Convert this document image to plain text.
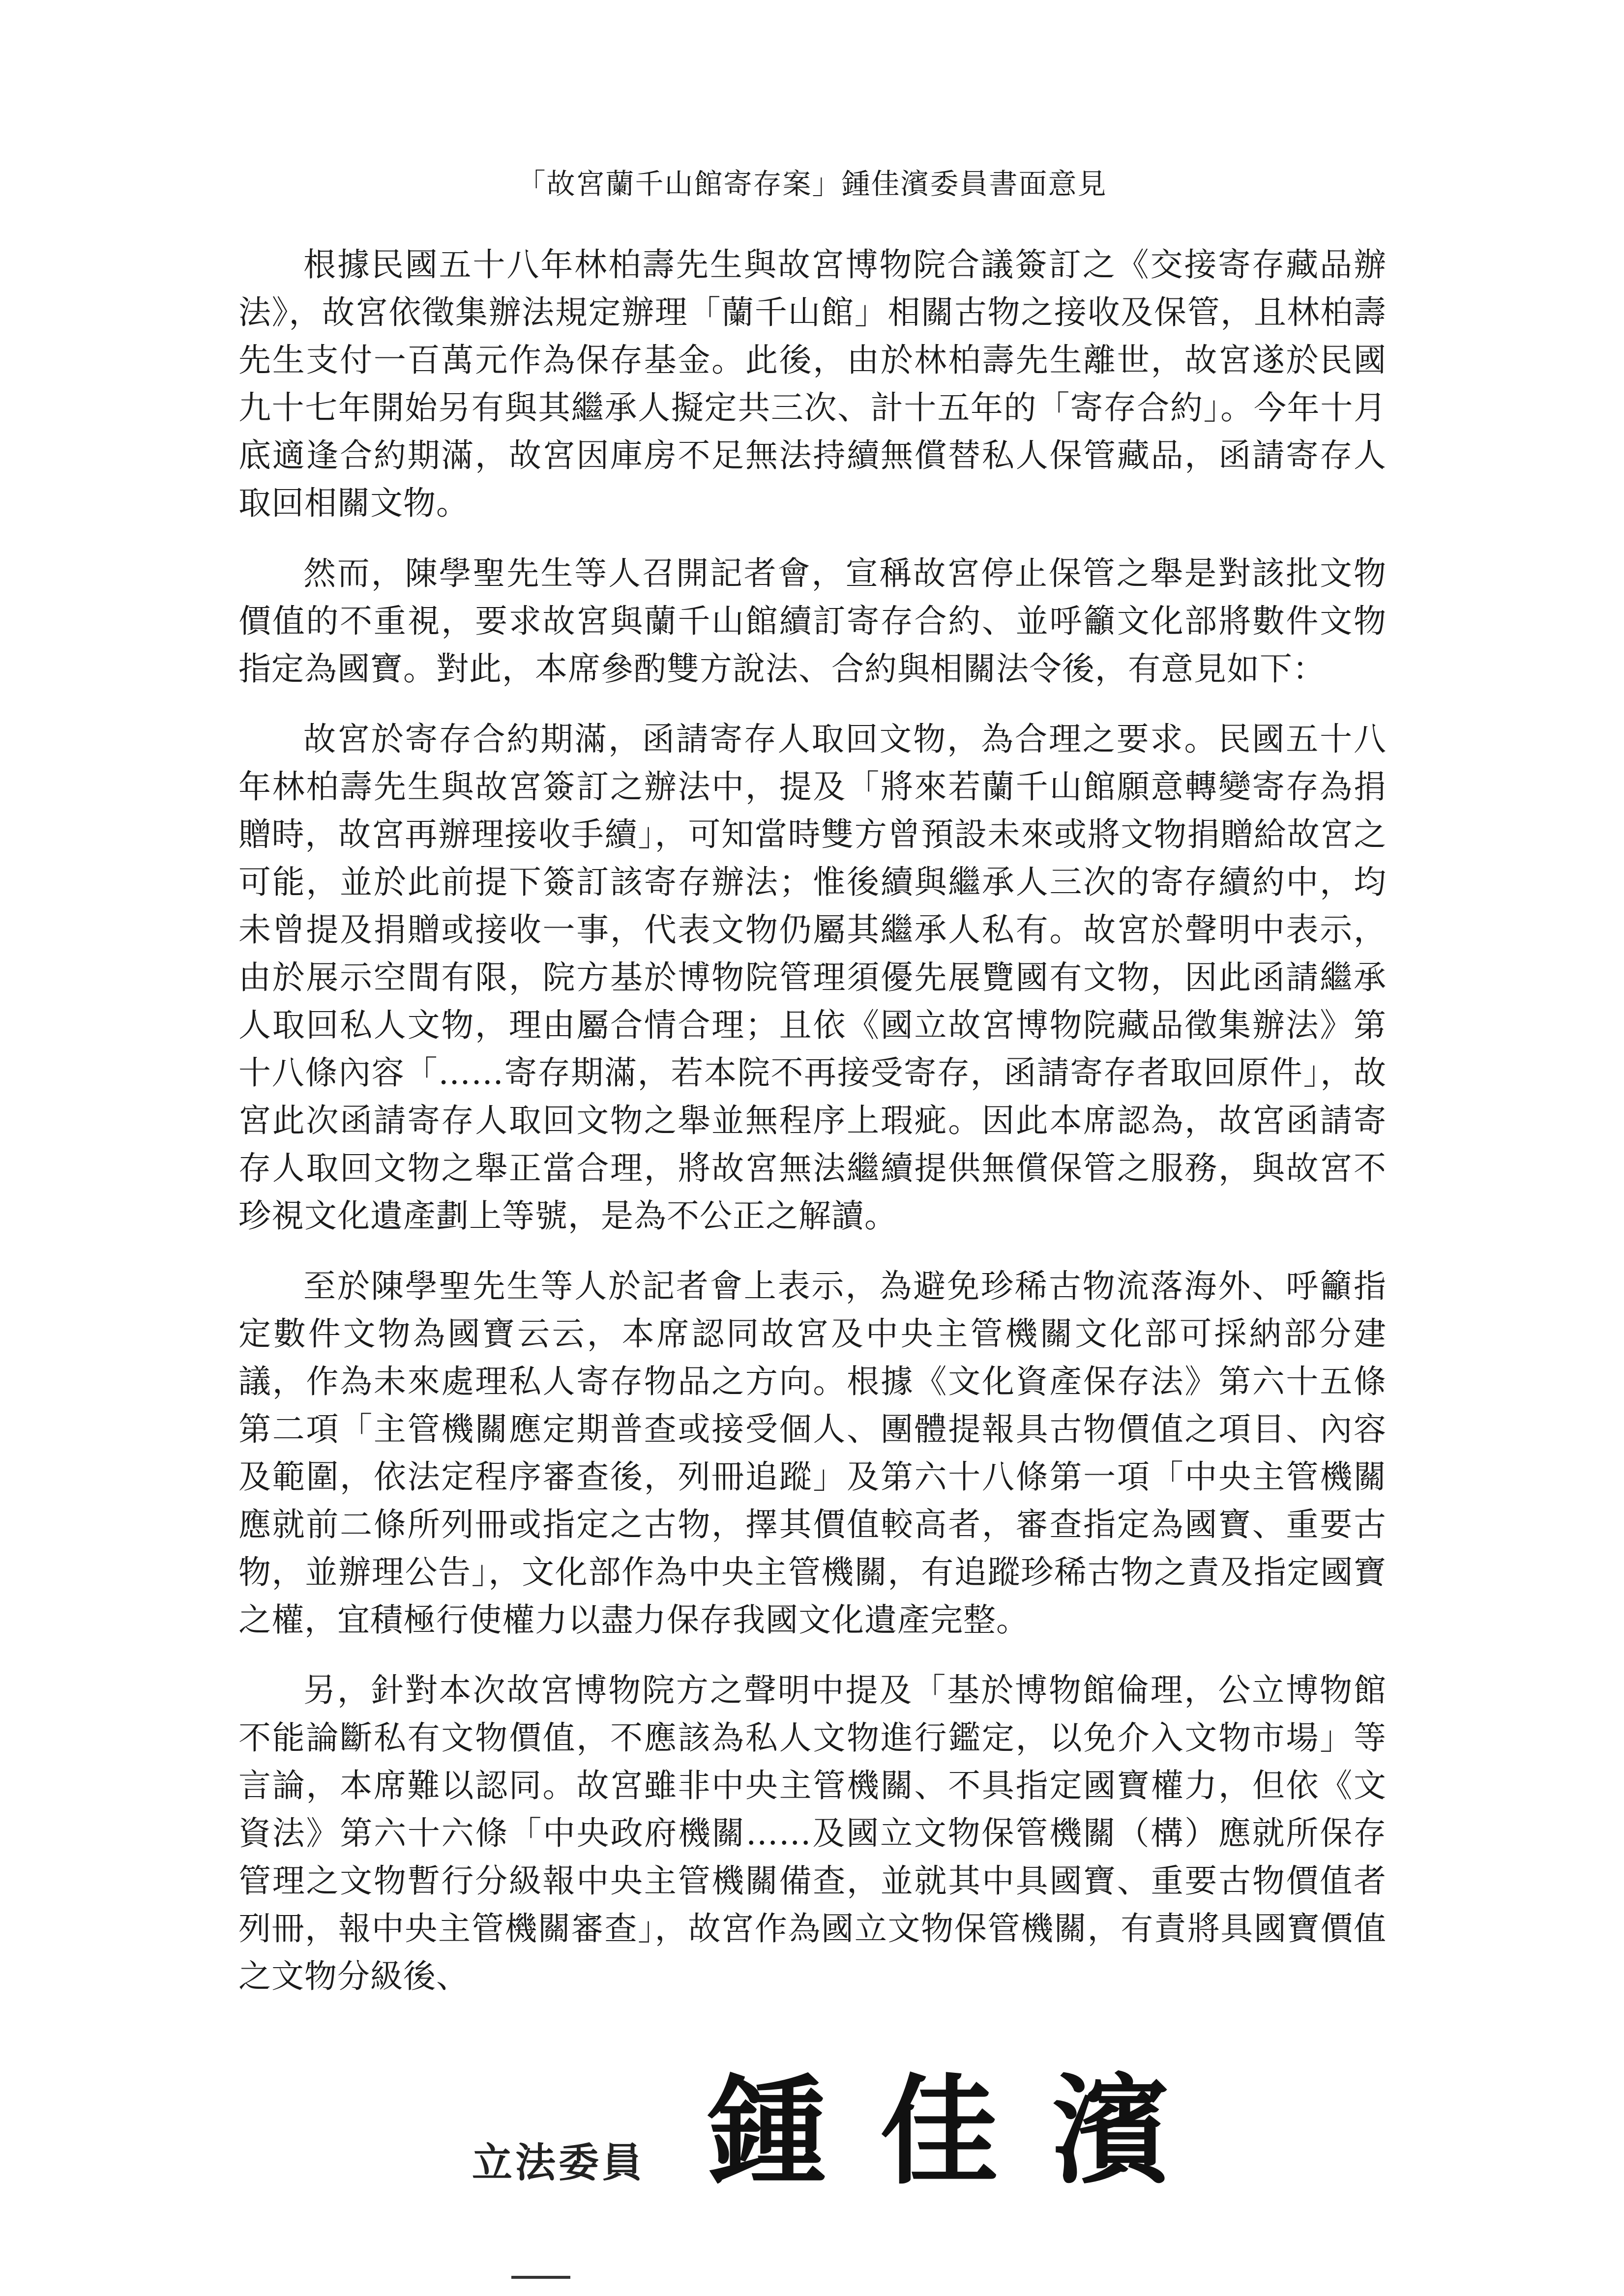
「故宮蘭千山館寄存案」鍾佳濱委員書面意見

根據民國五十八年林柏壽先生與故宮博物院合議簽訂之《交接寄存藏品辦法》，故宮依徵集辦法規定辦理「蘭千山館」相關古物之接收及保管，且林柏壽先生支付一百萬元作為保存基金。此後，由於林柏壽先生離世，故宮遂於民國九十七年開始另有與其繼承人擬定共三次、計十五年的「寄存合約」。今年十月底適逢合約期滿，故宮因庫房不足無法持續無償替私人保管藏品，函請寄存人取回相關文物。

然而，陳學聖先生等人召開記者會，宣稱故宮停止保管之舉是對該批文物價值的不重視，要求故宮與蘭千山館續訂寄存合約、並呼籲文化部將數件文物指定為國寶。對此，本席參酌雙方說法、合約與相關法令後，有意見如下：

故宮於寄存合約期滿，函請寄存人取回文物，為合理之要求。民國五十八年林柏壽先生與故宮簽訂之辦法中，提及「將來若蘭千山館願意轉變寄存為捐贈時，故宮再辦理接收手續」，可知當時雙方曾預設未來或將文物捐贈給故宮之可能，並於此前提下簽訂該寄存辦法；惟後續與繼承人三次的寄存續約中，均未曾提及捐贈或接收一事，代表文物仍屬其繼承人私有。故宮於聲明中表示，由於展示空間有限，院方基於博物院管理須優先展覽國有文物，因此函請繼承人取回私人文物，理由屬合情合理；且依《國立故宮博物院藏品徵集辦法》第十八條內容「……寄存期滿，若本院不再接受寄存，函請寄存者取回原件」，故宮此次函請寄存人取回文物之舉並無程序上瑕疵。因此本席認為，故宮函請寄存人取回文物之舉正當合理，將故宮無法繼續提供無償保管之服務，與故宮不珍視文化遺產劃上等號，是為不公正之解讀。

至於陳學聖先生等人於記者會上表示，為避免珍稀古物流落海外、呼籲指定數件文物為國寶云云，本席認同故宮及中央主管機關文化部可採納部分建議，作為未來處理私人寄存物品之方向。根據《文化資產保存法》第六十五條第二項「主管機關應定期普查或接受個人、團體提報具古物價值之項目、內容及範圍，依法定程序審查後，列冊追蹤」及第六十八條第一項「中央主管機關應就前二條所列冊或指定之古物，擇其價值較高者，審查指定為國寶、重要古物，並辦理公告」，文化部作為中央主管機關，有追蹤珍稀古物之責及指定國寶之權，宜積極行使權力以盡力保存我國文化遺產完整。

另，針對本次故宮博物院方之聲明中提及「基於博物館倫理，公立博物館不能論斷私有文物價值，不應該為私人文物進行鑑定，以免介入文物市場」等言論，本席難以認同。故宮雖非中央主管機關、不具指定國寶權力，但依《文資法》第六十六條「中央政府機關……及國立文物保管機關（構）應就所保存管理之文物暫行分級報中央主管機關備查，並就其中具國寶、重要古物價值者列冊，報中央主管機關審查」，故宮作為國立文物保管機關，有責將具國寶價值之文物分級後、

立法委員 鍾佳濱
